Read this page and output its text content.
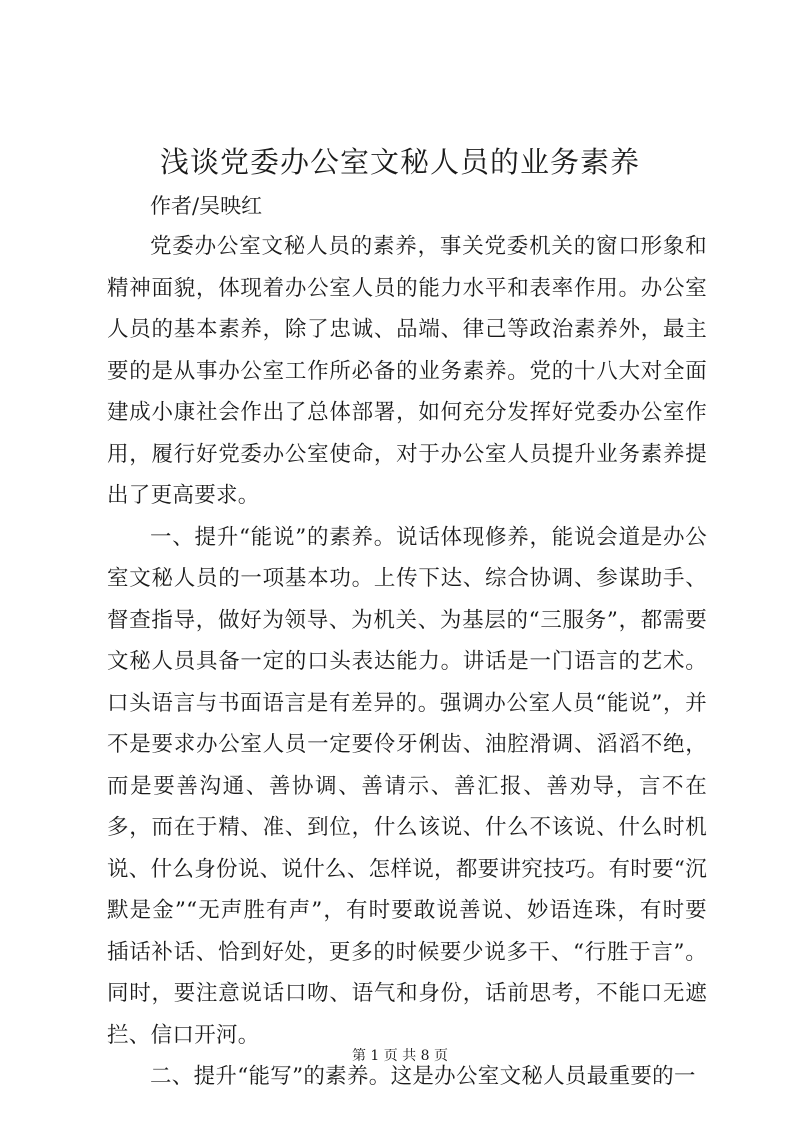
浅谈党委办公室文秘人员的业务素养
作者/吴映红

党委办公室文秘人员的素养，事关党委机关的窗口形象和精神面貌，体现着办公室人员的能力水平和表率作用。办公室人员的基本素养，除了忠诚、品端、律己等政治素养外，最主要的是从事办公室工作所必备的业务素养。党的十八大对全面建成小康社会作出了总体部署，如何充分发挥好党委办公室作用，履行好党委办公室使命，对于办公室人员提升业务素养提出了更高要求。

一、提升“能说”的素养。说话体现修养，能说会道是办公室文秘人员的一项基本功。上传下达、综合协调、参谋助手、督查指导，做好为领导、为机关、为基层的“三服务”，都需要文秘人员具备一定的口头表达能力。讲话是一门语言的艺术。口头语言与书面语言是有差异的。强调办公室人员“能说”，并不是要求办公室人员一定要伶牙俐齿、油腔滑调、滔滔不绝，而是要善沟通、善协调、善请示、善汇报、善劝导，言不在多，而在于精、准、到位，什么该说、什么不该说、什么时机说、什么身份说、说什么、怎样说，都要讲究技巧。有时要“沉默是金”“无声胜有声”，有时要敢说善说、妙语连珠，有时要插话补话、恰到好处，更多的时候要少说多干、“行胜于言”。同时，要注意说话口吻、语气和身份，话前思考，不能口无遮拦、信口开河。

二、提升“能写”的素养。这是办公室文秘人员最重要的一

第 1 页 共 8 页
